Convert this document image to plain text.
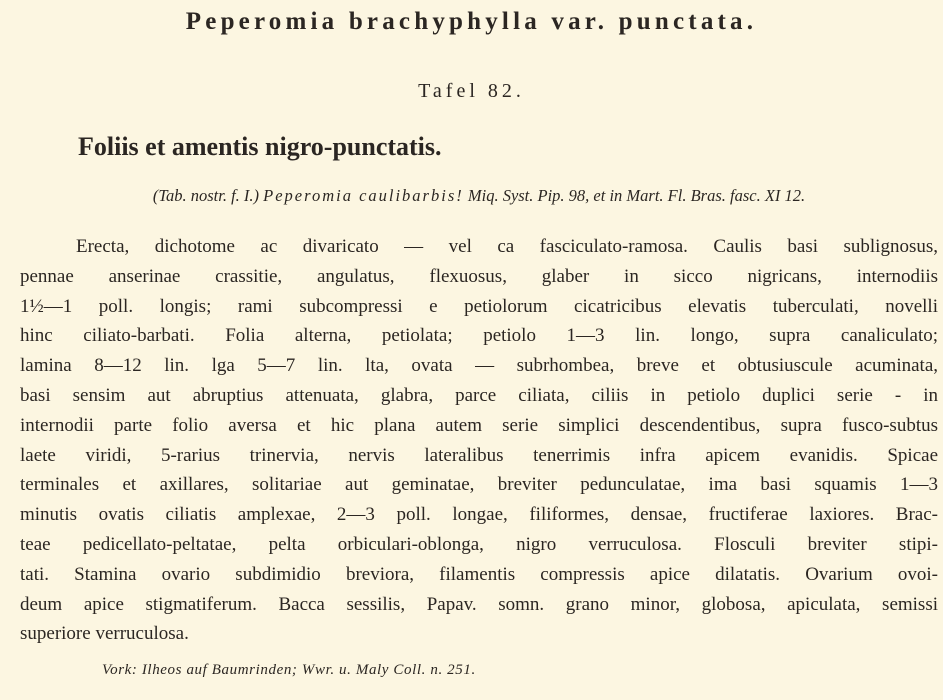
Peperomia brachyphylla var. punctata.
Tafel 82.
Foliis et amentis nigro-punctatis.
(Tab. nostr. f. I.) Peperomia caulibarbis! Miq. Syst. Pip. 98, et in Mart. Fl. Bras. fasc. XI 12.
Erecta, dichotome ac divaricato — vel ca fasciculato-ramosa. Caulis basi sublignosus,
pennae anserinae crassitie, angulatus, flexuosus, glaber in sicco nigricans, internodiis
1½—1 poll. longis; rami subcompressi e petiolorum cicatricibus elevatis tuberculati, novelli
hinc ciliato-barbati. Folia alterna, petiolata; petiolo 1—3 lin. longo, supra canaliculato;
lamina 8—12 lin. lga 5—7 lin. lta, ovata — subrhombea, breve et obtusiuscule acuminata,
basi sensim aut abruptius attenuata, glabra, parce ciliata, ciliis in petiolo duplici serie - in
internodii parte folio aversa et hic plana autem serie simplici descendentibus, supra fusco-subtus
laete viridi, 5-rarius trinervia, nervis lateralibus tenerrimis infra apicem evanidis. Spicae
terminales et axillares, solitariae aut geminatae, breviter pedunculatae, ima basi squamis 1—3
minutis ovatis ciliatis amplexae, 2—3 poll. longae, filiformes, densae, fructiferae laxiores. Brac-
teae pedicellato-peltatae, pelta orbiculari-oblonga, nigro verruculosa. Flosculi breviter stipi-
tati. Stamina ovario subdimidio breviora, filamentis compressis apice dilatatis. Ovarium ovoi-
deum apice stigmatiferum. Bacca sessilis, Papav. somn. grano minor, globosa, apiculata, semissi
superiore verruculosa.
Vork: Ilheos auf Baumrinden; Wwr. u. Maly Coll. n. 251.
